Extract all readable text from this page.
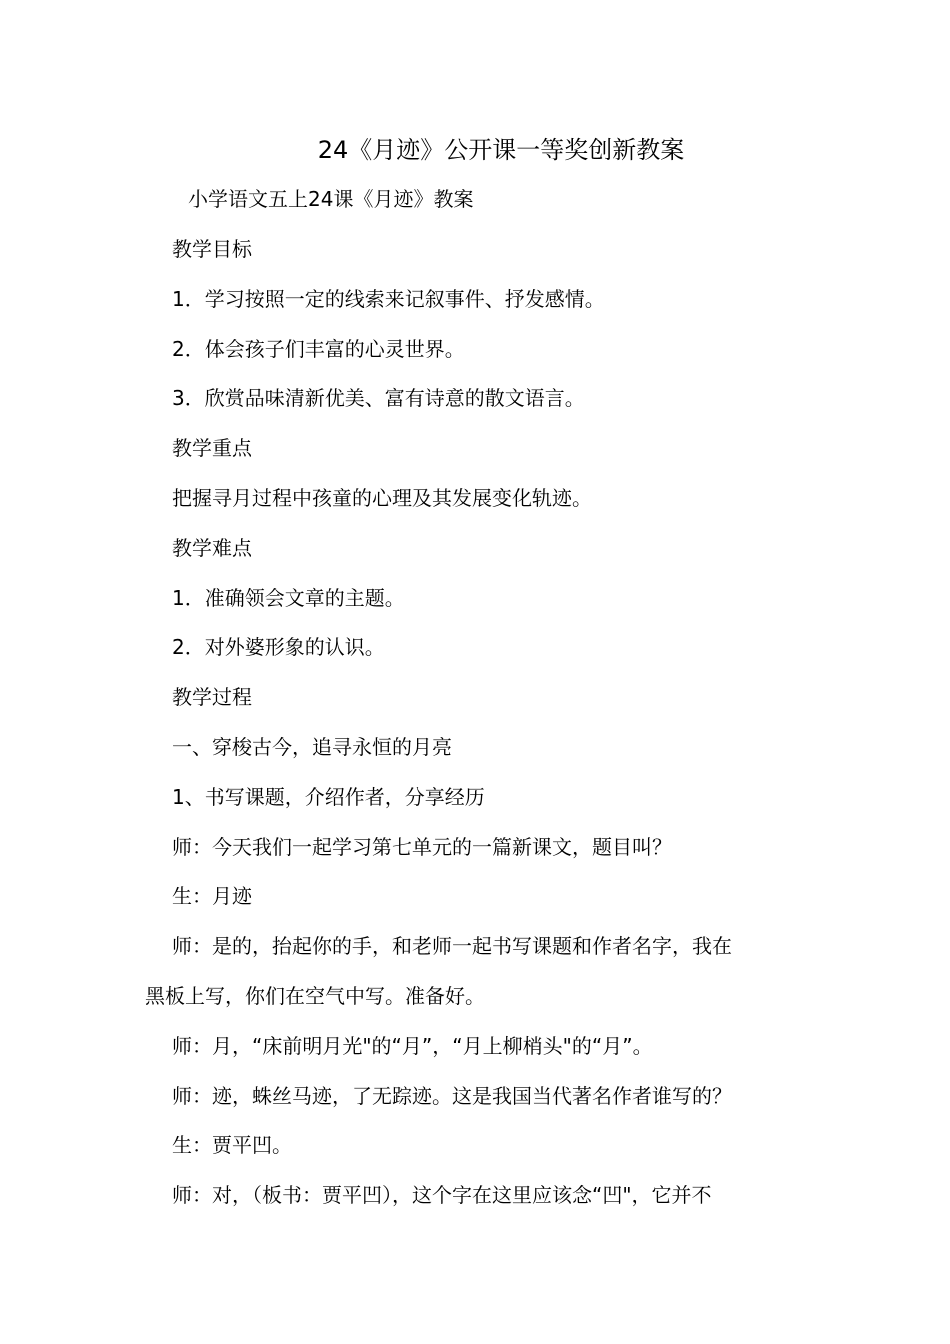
24《月迹》公开课一等奖创新教案
小学语文五上24课《月迹》教案
教学目标
1．学习按照一定的线索来记叙事件、抒发感情。
2．体会孩子们丰富的心灵世界。
3．欣赏品味清新优美、富有诗意的散文语言。
教学重点
把握寻月过程中孩童的心理及其发展变化轨迹。
教学难点
1．准确领会文章的主题。
2．对外婆形象的认识。
教学过程
一、穿梭古今，追寻永恒的月亮
1、书写课题，介绍作者，分享经历
师：今天我们一起学习第七单元的一篇新课文，题目叫？
生：月迹
师：是的，抬起你的手，和老师一起书写课题和作者名字，我在
黑板上写，你们在空气中写。准备好。
师：月，“床前明月光"的“月”，“月上柳梢头"的“月”。
师：迹，蛛丝马迹，了无踪迹。这是我国当代著名作者谁写的？
生：贾平凹。
师：对，（板书：贾平凹），这个字在这里应该念“凹"，它并不
